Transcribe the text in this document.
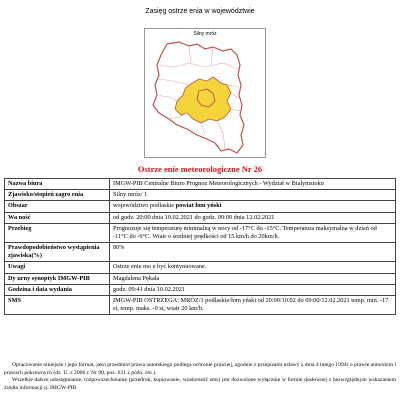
Zasięg ostrze enia w województwie
Silny mróz
Ostrze enie meteorologiczne Nr 26
Nazwa biura	IMGW-PIB Centralne Biuro Prognoz Meteorologicznych - Wydział w Białymstoku
Zjawisko/stopień zagro enia	Silny mróz/ 1
Obszar	województwo podlaskie powiat łom yński
Wa ność	od godz. 20:00 dnia 10.02.2021 do godz. 09:00 dnia 12.02.2021
Przebieg	Prognozuje się temperaturę minimalną w nocy od -17°C do -15°C. Temperatura maksymalna w dzień od -11°C do -9°C. Wiatr o średniej prędkości od 15 km/h do 20km/h.
Prawdopodobieństwo wystąpienia zjawiska(%)	80%
Uwagi	Ostrze enie mo e być kontynuowane.
Dy urny synoptyk IMGW-PIB	Magdalena Pękała
Godzina i data wydania	godz. 09:41 dnia 10.02.2021
SMS	IMGW-PIB OSTRZEGA: MRÓZ/1 podlaskie/łom yński od 20:00/10.02 do 09:00/12.02.2021 temp. min. -17 st, temp. maks. -9 st, wiatr 20 km/h.

Opracowanie niniejsze i jego format, jako przedmiot prawa autorskiego podlega ochronie prawnej, zgodnie z przepisami ustawy z dnia 4 lutego 1994r o prawie autorskim i prawach pokrewnych (dz. U. z 2006 r. Nr 90, poz. 631 z późn. zm.).

Wszelkie dalsze udostępnianie, rozpowszechnianie (przedruk, kopiowanie, wiadomość sms) jest dozwolone wyłącznie w formie dosłownej z bezwzględnym wskazaniem źródła informacji tj. IMGW-PIB.
